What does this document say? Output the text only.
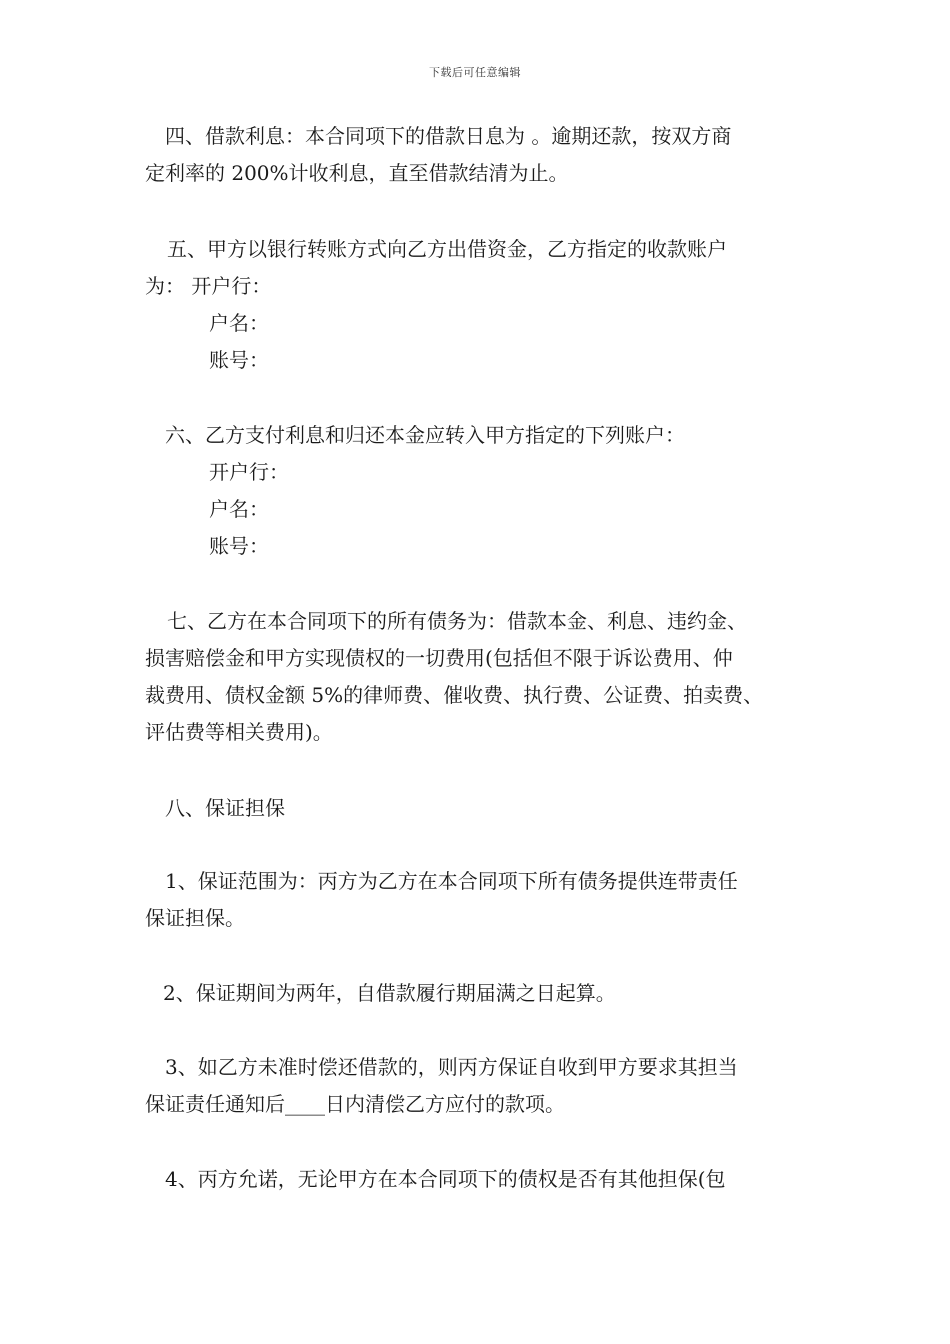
下载后可任意编辑
四、借款利息：本合同项下的借款日息为 。逾期还款，按双方商
定利率的 200%计收利息，直至借款结清为止。
五、甲方以银行转账方式向乙方出借资金，乙方指定的收款账户
为： 开户行：
户名：
账号：
六、乙方支付利息和归还本金应转入甲方指定的下列账户：
开户行：
户名：
账号：
七、乙方在本合同项下的所有债务为：借款本金、利息、违约金、
损害赔偿金和甲方实现债权的一切费用(包括但不限于诉讼费用、仲
裁费用、债权金额 5%的律师费、催收费、执行费、公证费、拍卖费、
评估费等相关费用)。
八、保证担保
1、保证范围为：丙方为乙方在本合同项下所有债务提供连带责任
保证担保。
2、保证期间为两年，自借款履行期届满之日起算。
3、如乙方未准时偿还借款的，则丙方保证自收到甲方要求其担当
保证责任通知后____日内清偿乙方应付的款项。
4、丙方允诺，无论甲方在本合同项下的债权是否有其他担保(包
